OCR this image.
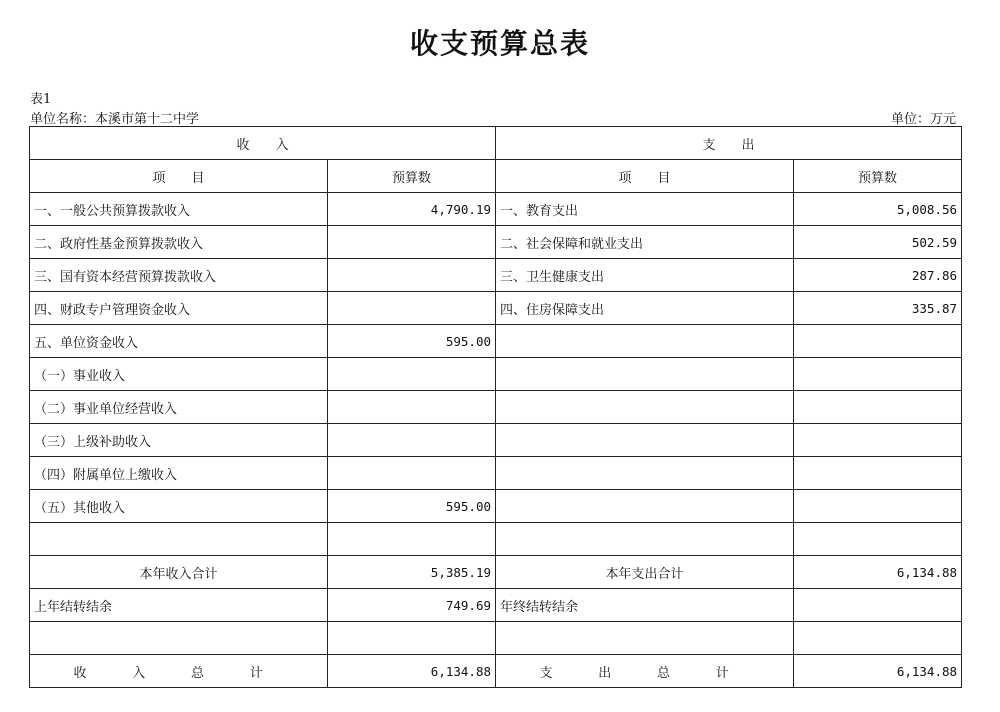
收支预算总表
表1
单位名称：本溪市第十二中学	单位：万元
收　　入		支　　出	
项　　目	预算数	项　　目	预算数
一、一般公共预算拨款收入	4,790.19	一、教育支出	5,008.56
二、政府性基金预算拨款收入		二、社会保障和就业支出	502.59
三、国有资本经营预算拨款收入		三、卫生健康支出	287.86
四、财政专户管理资金收入		四、住房保障支出	335.87
五、单位资金收入	595.00		
（一）事业收入			
（二）事业单位经营收入			
（三）上级补助收入			
（四）附属单位上缴收入			
（五）其他收入	595.00		

本年收入合计	5,385.19	本年支出合计	6,134.88
上年结转结余	749.69	年终结转结余	

收 入 总 计	6,134.88	支 出 总 计	6,134.88
